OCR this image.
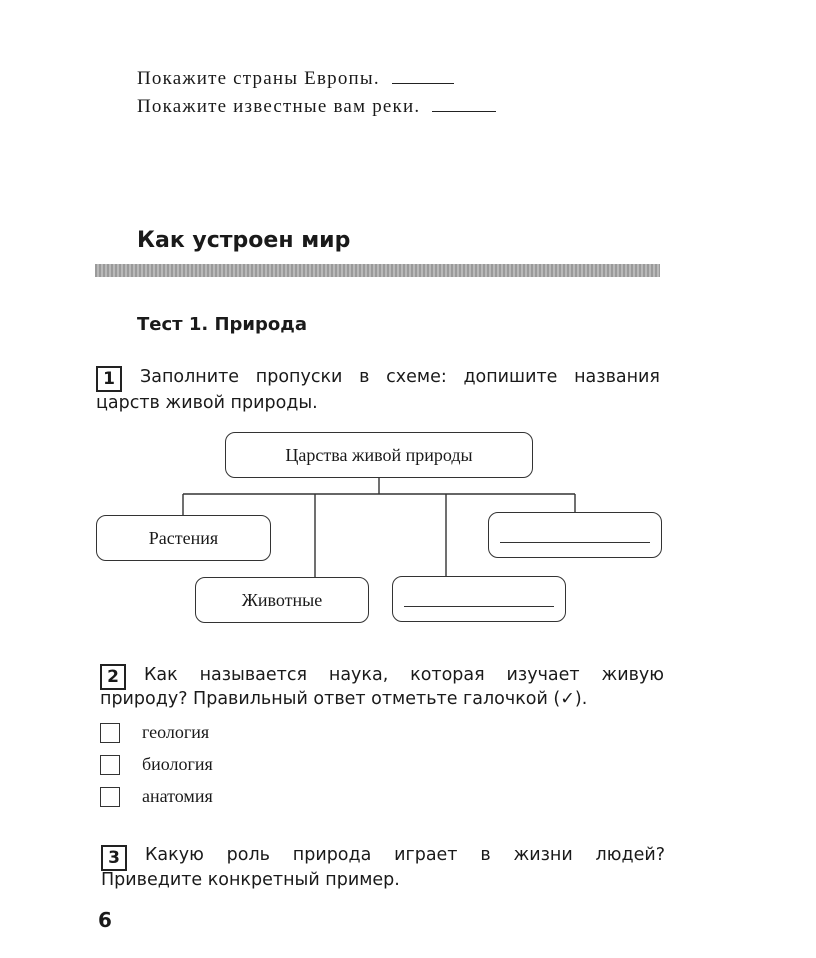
Покажите страны Европы.
Покажите известные вам реки.
Как устроен мир
Тест 1. Природа
1	Заполните пропуски в схеме: допишите названия
царств живой природы.
Царства живой природы
Растения
Животные
2	Как называется наука, которая изучает живую
природу? Правильный ответ отметьте галочкой (✓).
геология
биология
анатомия
3	Какую роль природа играет в жизни людей?
Приведите конкретный пример.
6
